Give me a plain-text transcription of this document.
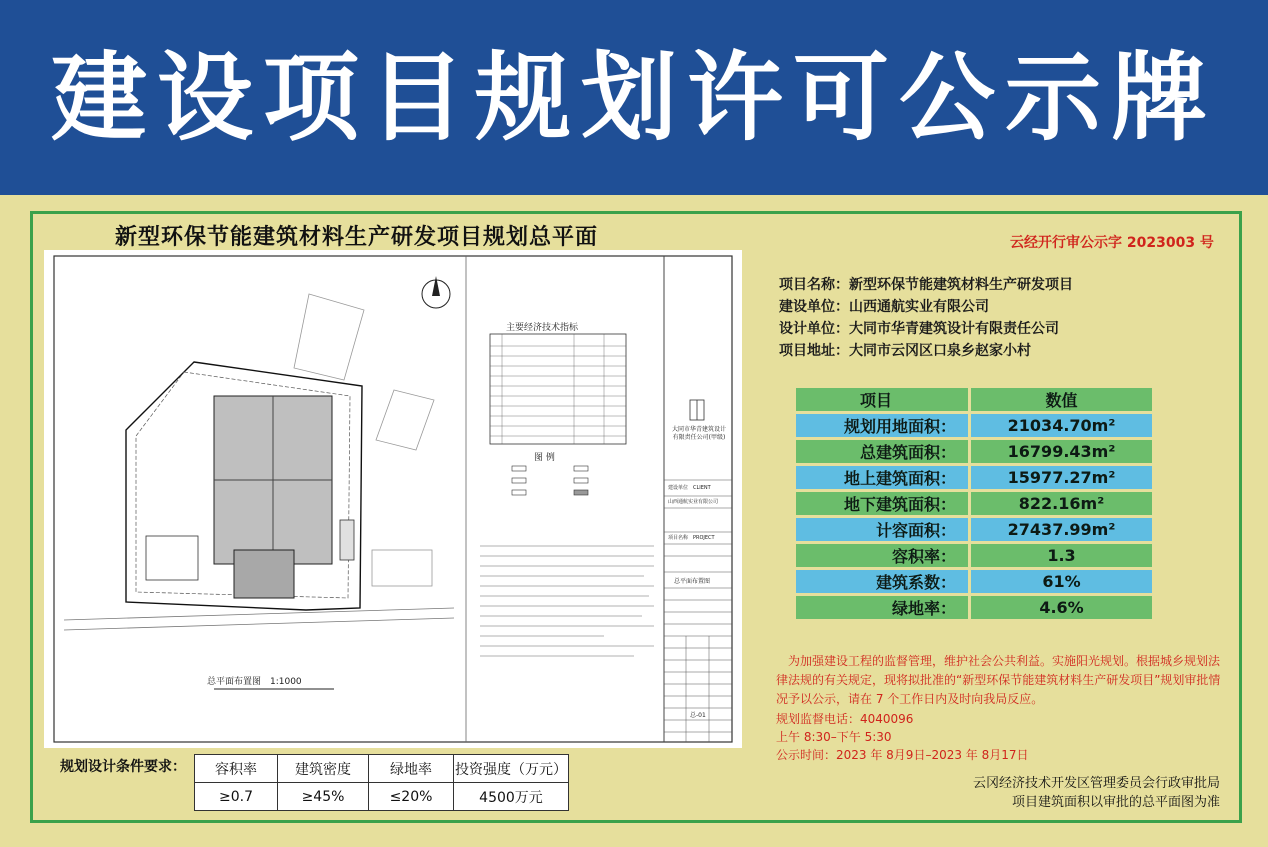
建设项目规划许可公示牌
新型环保节能建筑材料生产研发项目规划总平面	云经开行审公示字 2023003 号
主要经济技术指标
图 例
总平面布置图　1:1000
大同市华青建筑设计有限责任公司(甲级)
建设单位　CLIENT
山西通航实业有限公司
项目名称　PROJECT
总平面布置图
总-01
项目名称：新型环保节能建筑材料生产研发项目
建设单位：山西通航实业有限公司
设计单位：大同市华青建筑设计有限责任公司
项目地址：大同市云冈区口泉乡赵家小村
项目	数值
规划用地面积：	21034.70m²
总建筑面积：	16799.43m²
地上建筑面积：	15977.27m²
地下建筑面积：	822.16m²
计容面积：	27437.99m²
容积率：	1.3
建筑系数：	61%
绿地率：	4.6%
　为加强建设工程的监督管理，维护社会公共利益。实施阳光规划。根据城乡规划法律法规的有关规定，现将拟批准的“新型环保节能建筑材料生产研发项目”规划审批情况予以公示，请在 7 个工作日内及时向我局反应。
规划监督电话：4040096
上午 8:30–下午 5:30
公示时间：2023 年 8月9日–2023 年 8月17日
云冈经济技术开发区管理委员会行政审批局
项目建筑面积以审批的总平面图为准
规划设计条件要求： 容积率	建筑密度	绿地率	投资强度（万元）
≥0.7	≥45%	≤20%	4500万元
